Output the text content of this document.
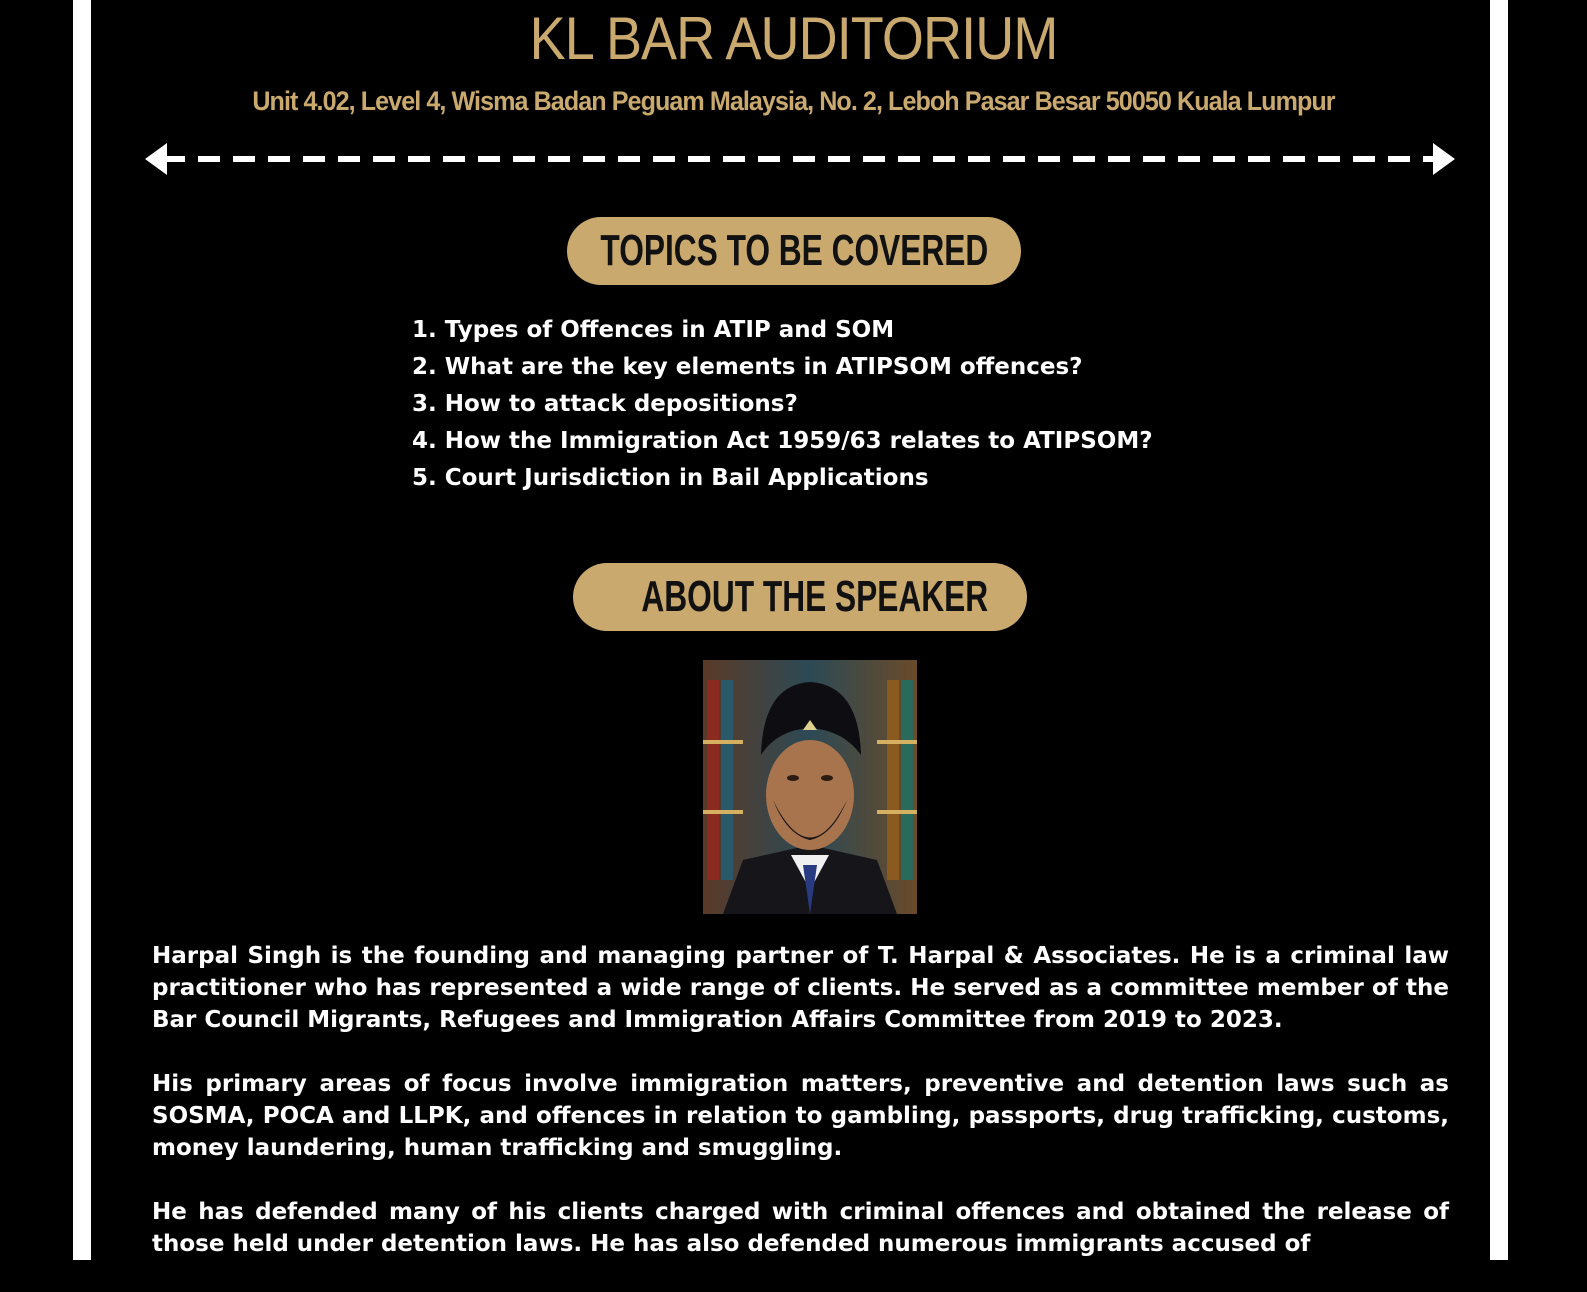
KL BAR AUDITORIUM
Unit 4.02, Level 4, Wisma Badan Peguam Malaysia, No. 2, Leboh Pasar Besar 50050 Kuala Lumpur
TOPICS TO BE COVERED
1. Types of Offences in ATIP and SOM
2. What are the key elements in ATIPSOM offences?
3. How to attack depositions?
4. How the Immigration Act 1959/63 relates to ATIPSOM?
5. Court Jurisdiction in Bail Applications
ABOUT THE SPEAKER

Harpal Singh is the founding and managing partner of T. Harpal & Associates. He is a criminal law practitioner who has represented a wide range of clients. He served as a committee member of the Bar Council Migrants, Refugees and Immigration Affairs Committee from 2019 to 2023.

His primary areas of focus involve immigration matters, preventive and detention laws such as SOSMA, POCA and LLPK, and offences in relation to gambling, passports, drug trafficking, customs, money laundering, human trafficking and smuggling.

He has defended many of his clients charged with criminal offences and obtained the release of those held under detention laws. He has also defended numerous immigrants accused of
